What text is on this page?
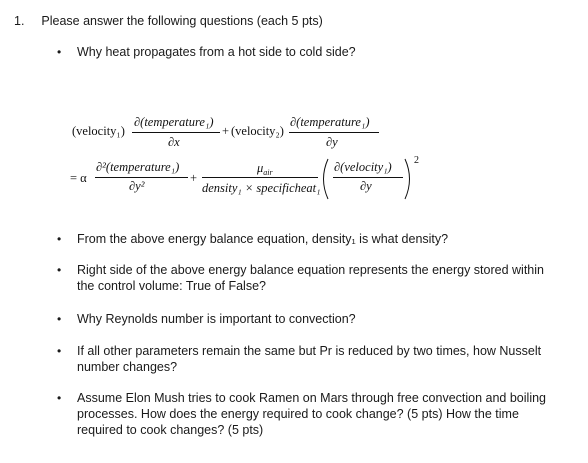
1. Please answer the following questions (each 5 pts)
• Why heat propagates from a hot side to cold side?
(velocity₁)
∂(temperature₁)
∂x
+ (velocity₂)
∂(temperature₁)
∂y
= α
∂²(temperature₁)
∂y²
+
$\mu_{air}$
density₁ × specificheat₁
∂(velocity₁)
∂y
2
• From the above energy balance equation, density₁ is what density?
• Right side of the above energy balance equation represents the energy stored within the control volume: True of False?
• Why Reynolds number is important to convection?
• If all other parameters remain the same but Pr is reduced by two times, how Nusselt number changes?
• Assume Elon Mush tries to cook Ramen on Mars through free convection and boiling processes. How does the energy required to cook change? (5 pts) How the time required to cook changes? (5 pts)
